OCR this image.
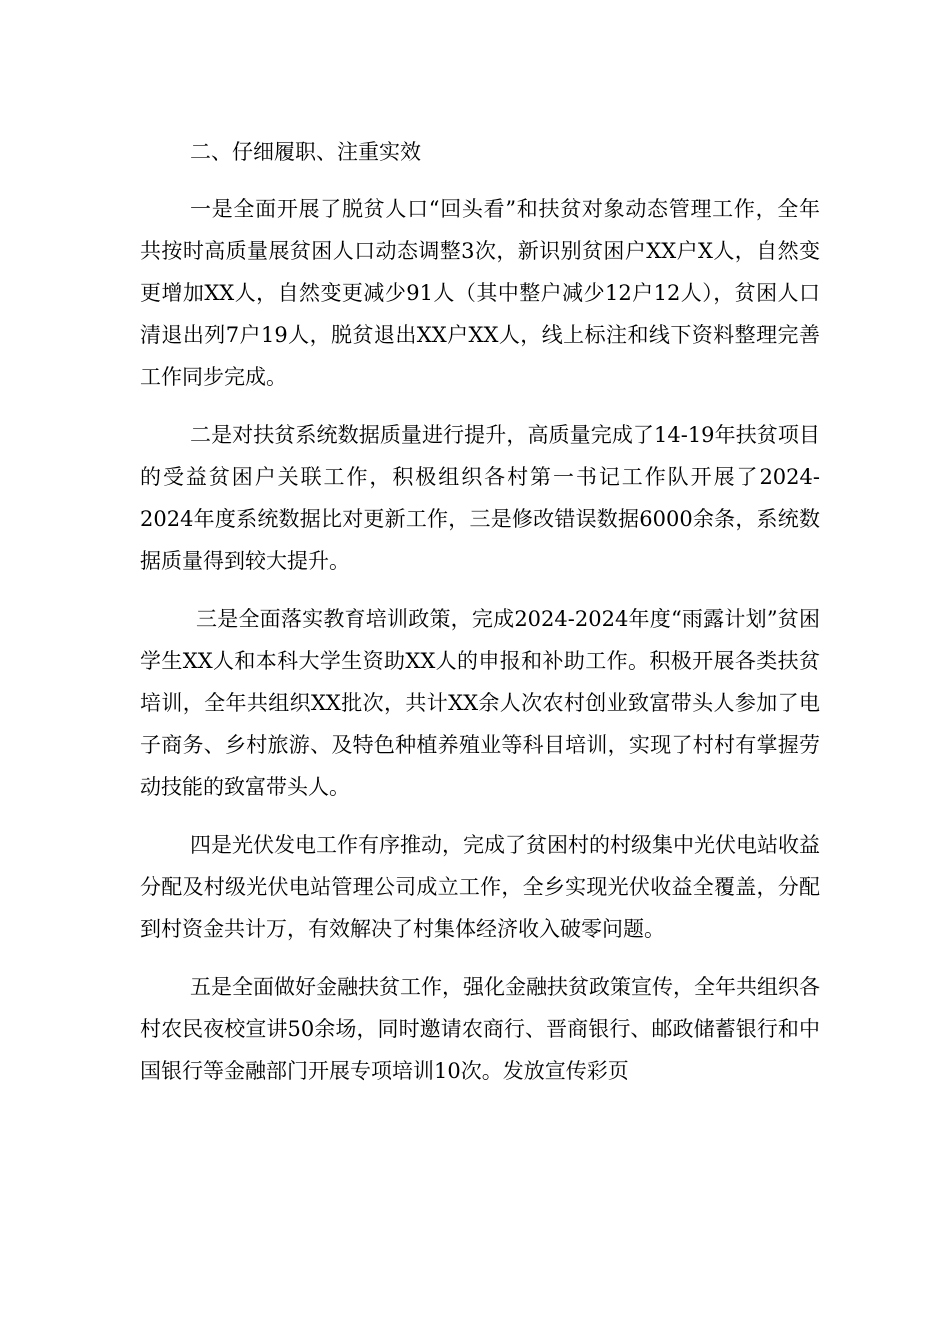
二、仔细履职、注重实效

一是全面开展了脱贫人口“回头看”和扶贫对象动态管理工作，全年共按时高质量展贫困人口动态调整3次，新识别贫困户XX户X人，自然变更增加XX人，自然变更减少91人（其中整户减少12户12人），贫困人口清退出列7户19人，脱贫退出XX户XX人，线上标注和线下资料整理完善工作同步完成。

二是对扶贫系统数据质量进行提升，高质量完成了14-19年扶贫项目的受益贫困户关联工作，积极组织各村第一书记工作队开展了2024-2024年度系统数据比对更新工作，三是修改错误数据6000余条，系统数据质量得到较大提升。

三是全面落实教育培训政策，完成2024-2024年度“雨露计划”贫困学生XX人和本科大学生资助XX人的申报和补助工作。积极开展各类扶贫培训，全年共组织XX批次，共计XX余人次农村创业致富带头人参加了电子商务、乡村旅游、及特色种植养殖业等科目培训，实现了村村有掌握劳动技能的致富带头人。

四是光伏发电工作有序推动，完成了贫困村的村级集中光伏电站收益分配及村级光伏电站管理公司成立工作，全乡实现光伏收益全覆盖，分配到村资金共计万，有效解决了村集体经济收入破零问题。

五是全面做好金融扶贫工作，强化金融扶贫政策宣传，全年共组织各村农民夜校宣讲50余场，同时邀请农商行、晋商银行、邮政储蓄银行和中国银行等金融部门开展专项培训10次。发放宣传彩页
